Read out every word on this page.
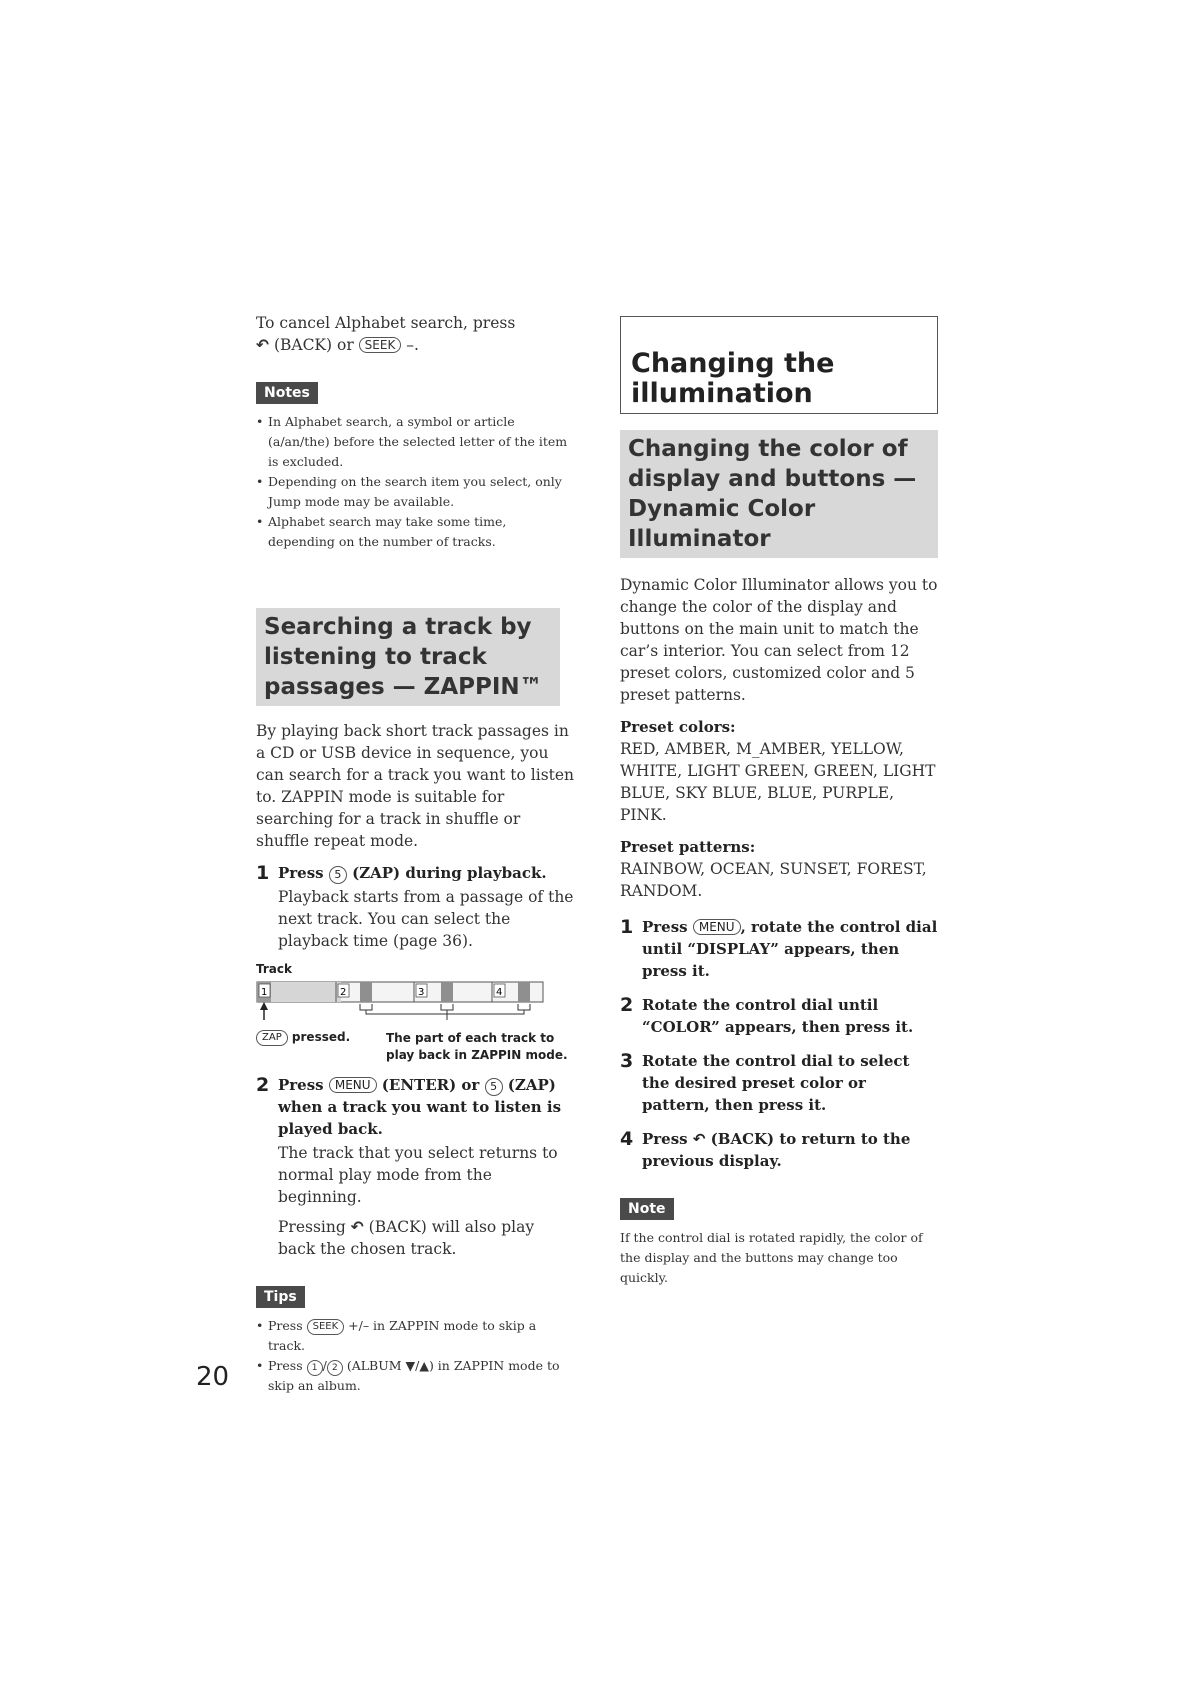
To cancel Alphabet search, press

↶ (BACK) or SEEK –.

Notes
• In Alphabet search, a symbol or article (a/an/the) before the selected letter of the item is excluded.
• Depending on the search item you select, only Jump mode may be available.
• Alphabet search may take some time, depending on the number of tracks.
Searching a track by listening to track passages — ZAPPIN™

By playing back short track passages in a CD or USB device in sequence, you can search for a track you want to listen to. ZAPPIN mode is suitable for searching for a track in shuffle or shuffle repeat mode.

1 Press 5 (ZAP) during playback.

Playback starts from a passage of the next track. You can select the playback time (page 36).

Track
1	2	3	4
ZAP pressed.	The part of each track to play back in ZAPPIN mode.
2 Press MENU (ENTER) or 5 (ZAP) when a track you want to listen is played back.

The track that you select returns to normal play mode from the beginning.

Pressing ↶ (BACK) will also play back the chosen track.

Tips
• Press SEEK +/– in ZAPPIN mode to skip a track.
• Press 1 / 2 (ALBUM ▼/▲) in ZAPPIN mode to skip an album.
Changing the illumination
Changing the color of display and buttons — Dynamic Color Illuminator

Dynamic Color Illuminator allows you to change the color of the display and buttons on the main unit to match the car’s interior. You can select from 12 preset colors, customized color and 5 preset patterns.

Preset colors:

RED, AMBER, M_AMBER, YELLOW, WHITE, LIGHT GREEN, GREEN, LIGHT BLUE, SKY BLUE, BLUE, PURPLE, PINK.

Preset patterns:

RAINBOW, OCEAN, SUNSET, FOREST, RANDOM.

1 Press MENU , rotate the control dial until “DISPLAY” appears, then press it.
2 Rotate the control dial until “COLOR” appears, then press it.
3 Rotate the control dial to select the desired preset color or pattern, then press it.
4 Press ↶ (BACK) to return to the previous display.
Note

If the control dial is rotated rapidly, the color of the display and the buttons may change too quickly.

20
